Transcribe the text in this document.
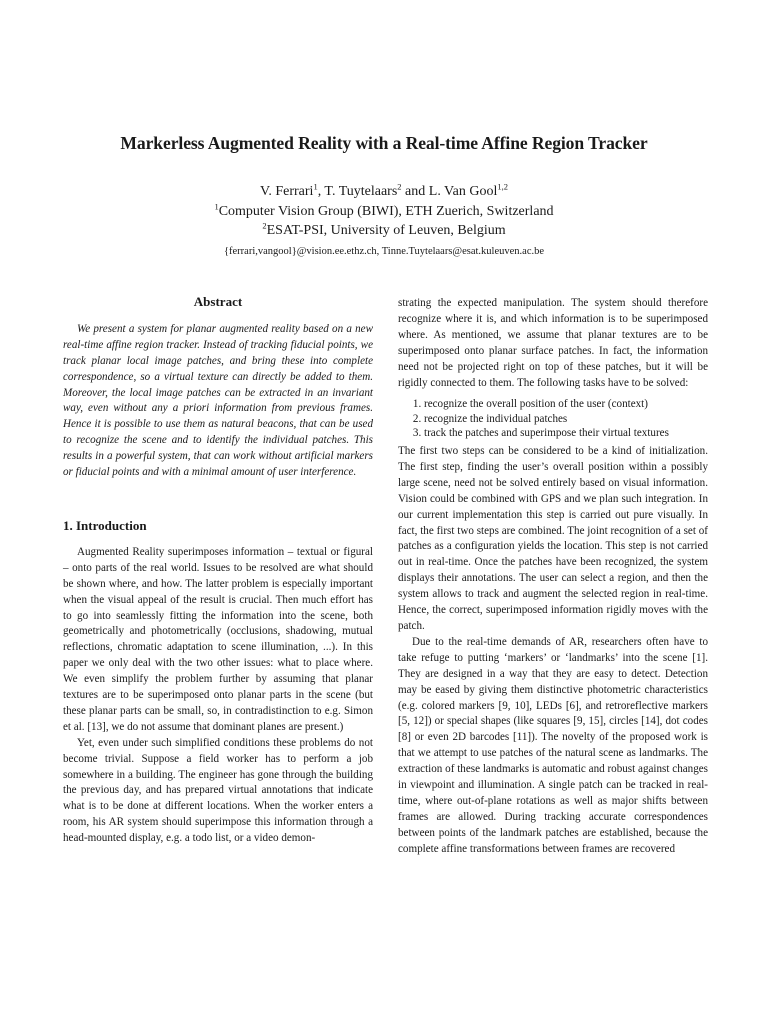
Markerless Augmented Reality with a Real-time Affine Region Tracker
V. Ferrari$^1$, T. Tuytelaars$^2$ and L. Van Gool$^{1,2}$
$^1$Computer Vision Group (BIWI), ETH Zuerich, Switzerland
$^2$ESAT-PSI, University of Leuven, Belgium
{ferrari,vangool}@vision.ee.ethz.ch, Tinne.Tuytelaars@esat.kuleuven.ac.be
Abstract

We present a system for planar augmented reality based on a new real-time affine region tracker. Instead of tracking fiducial points, we track planar local image patches, and bring these into complete correspondence, so a virtual texture can directly be added to them. Moreover, the local image patches can be extracted in an invariant way, even without any a priori information from previous frames. Hence it is possible to use them as natural beacons, that can be used to recognize the scene and to identify the individual patches. This results in a powerful system, that can work without artificial markers or fiducial points and with a minimal amount of user interference.

1. Introduction

Augmented Reality superimposes information – textual or figural – onto parts of the real world. Issues to be resolved are what should be shown where, and how. The latter problem is especially important when the visual appeal of the result is crucial. Then much effort has to go into seamlessly fitting the information into the scene, both geometrically and photometrically (occlusions, shadowing, mutual reflections, chromatic adaptation to scene illumination, ...). In this paper we only deal with the two other issues: what to place where. We even simplify the problem further by assuming that planar textures are to be superimposed onto planar parts in the scene (but these planar parts can be small, so, in contradistinction to e.g. Simon et al. [13], we do not assume that dominant planes are present.)

Yet, even under such simplified conditions these problems do not become trivial. Suppose a field worker has to perform a job somewhere in a building. The engineer has gone through the building the previous day, and has prepared virtual annotations that indicate what is to be done at different locations. When the worker enters a room, his AR system should superimpose this information through a head-mounted display, e.g. a todo list, or a video demon-

strating the expected manipulation. The system should therefore recognize where it is, and which information is to be superimposed where. As mentioned, we assume that planar textures are to be superimposed onto planar surface patches. In fact, the information need not be projected right on top of these patches, but it will be rigidly connected to them. The following tasks have to be solved:

1. recognize the overall position of the user (context)
2. recognize the individual patches
3. track the patches and superimpose their virtual textures

The first two steps can be considered to be a kind of initialization. The first step, finding the user’s overall position within a possibly large scene, need not be solved entirely based on visual information. Vision could be combined with GPS and we plan such integration. In our current implementation this step is carried out pure visually. In fact, the first two steps are combined. The joint recognition of a set of patches as a configuration yields the location. This step is not carried out in real-time. Once the patches have been recognized, the system displays their annotations. The user can select a region, and then the system allows to track and augment the selected region in real-time. Hence, the correct, superimposed information rigidly moves with the patch.

Due to the real-time demands of AR, researchers often have to take refuge to putting ‘markers’ or ‘landmarks’ into the scene [1]. They are designed in a way that they are easy to detect. Detection may be eased by giving them distinctive photometric characteristics (e.g. colored markers [9, 10], LEDs [6], and retroreflective markers [5, 12]) or special shapes (like squares [9, 15], circles [14], dot codes [8] or even 2D barcodes [11]). The novelty of the proposed work is that we attempt to use patches of the natural scene as landmarks. The extraction of these landmarks is automatic and robust against changes in viewpoint and illumination. A single patch can be tracked in real-time, where out-of-plane rotations as well as major shifts between frames are allowed. During tracking accurate correspondences between points of the landmark patches are established, because the complete affine transformations between frames are recovered
